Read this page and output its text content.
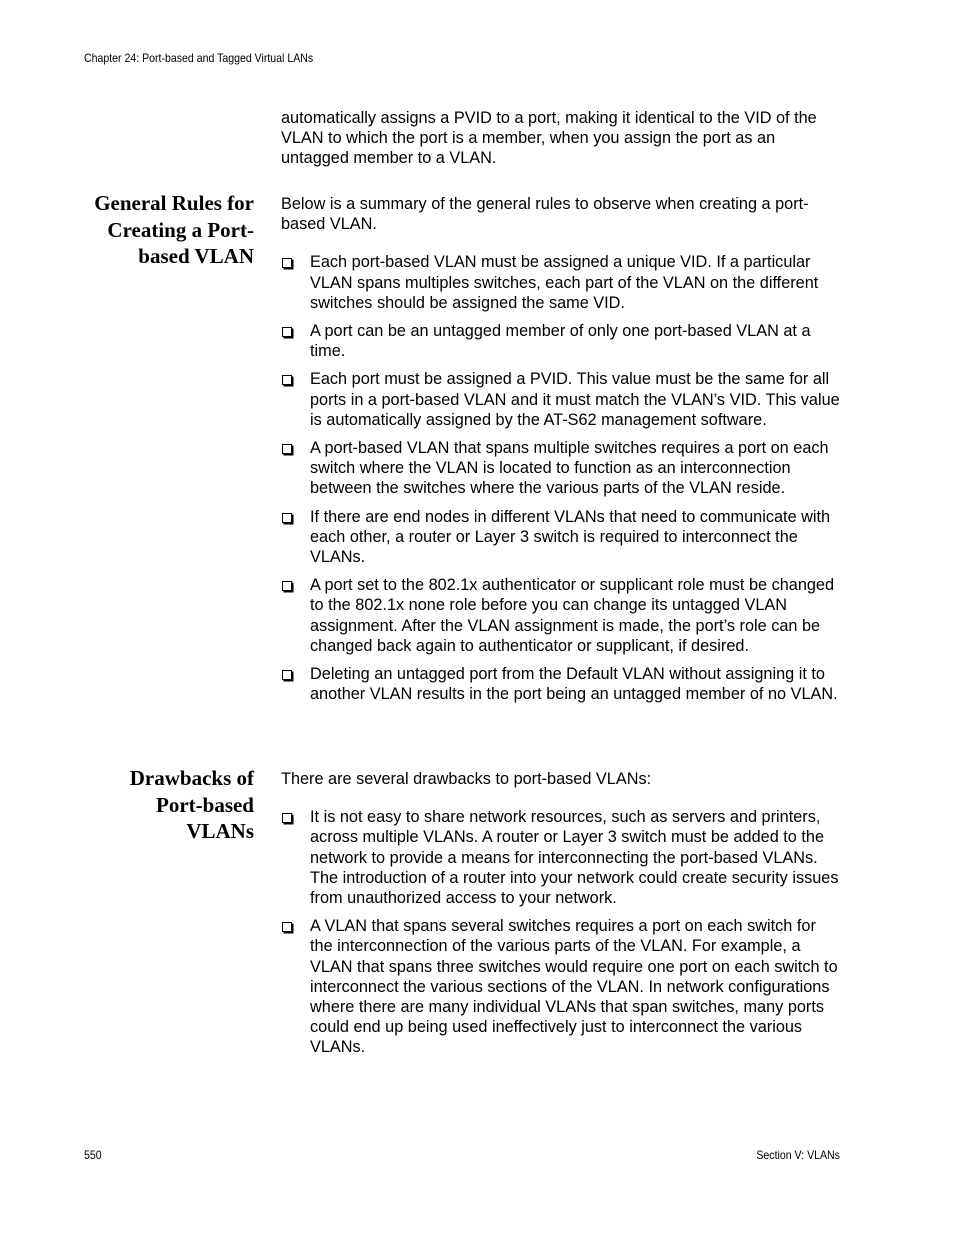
Chapter 24: Port-based and Tagged Virtual LANs

automatically assigns a PVID to a port, making it identical to the VID of the VLAN to which the port is a member, when you assign the port as an untagged member to a VLAN.

General Rules for
Creating a Port-
based VLAN

Below is a summary of the general rules to observe when creating a port-based VLAN.

Each port-based VLAN must be assigned a unique VID. If a particular VLAN spans multiples switches, each part of the VLAN on the different switches should be assigned the same VID.
A port can be an untagged member of only one port-based VLAN at a time.
Each port must be assigned a PVID. This value must be the same for all ports in a port-based VLAN and it must match the VLAN’s VID. This value is automatically assigned by the AT-S62 management software.
A port-based VLAN that spans multiple switches requires a port on each switch where the VLAN is located to function as an interconnection between the switches where the various parts of the VLAN reside.
If there are end nodes in different VLANs that need to communicate with each other, a router or Layer 3 switch is required to interconnect the VLANs.
A port set to the 802.1x authenticator or supplicant role must be changed to the 802.1x none role before you can change its untagged VLAN assignment. After the VLAN assignment is made, the port’s role can be changed back again to authenticator or supplicant, if desired.
Deleting an untagged port from the Default VLAN without assigning it to another VLAN results in the port being an untagged member of no VLAN.
Drawbacks of
Port-based
VLANs

There are several drawbacks to port-based VLANs:

It is not easy to share network resources, such as servers and printers, across multiple VLANs. A router or Layer 3 switch must be added to the network to provide a means for interconnecting the port-based VLANs. The introduction of a router into your network could create security issues from unauthorized access to your network.
A VLAN that spans several switches requires a port on each switch for the interconnection of the various parts of the VLAN. For example, a VLAN that spans three switches would require one port on each switch to interconnect the various sections of the VLAN. In network configurations where there are many individual VLANs that span switches, many ports could end up being used ineffectively just to interconnect the various VLANs.
550	Section V: VLANs
